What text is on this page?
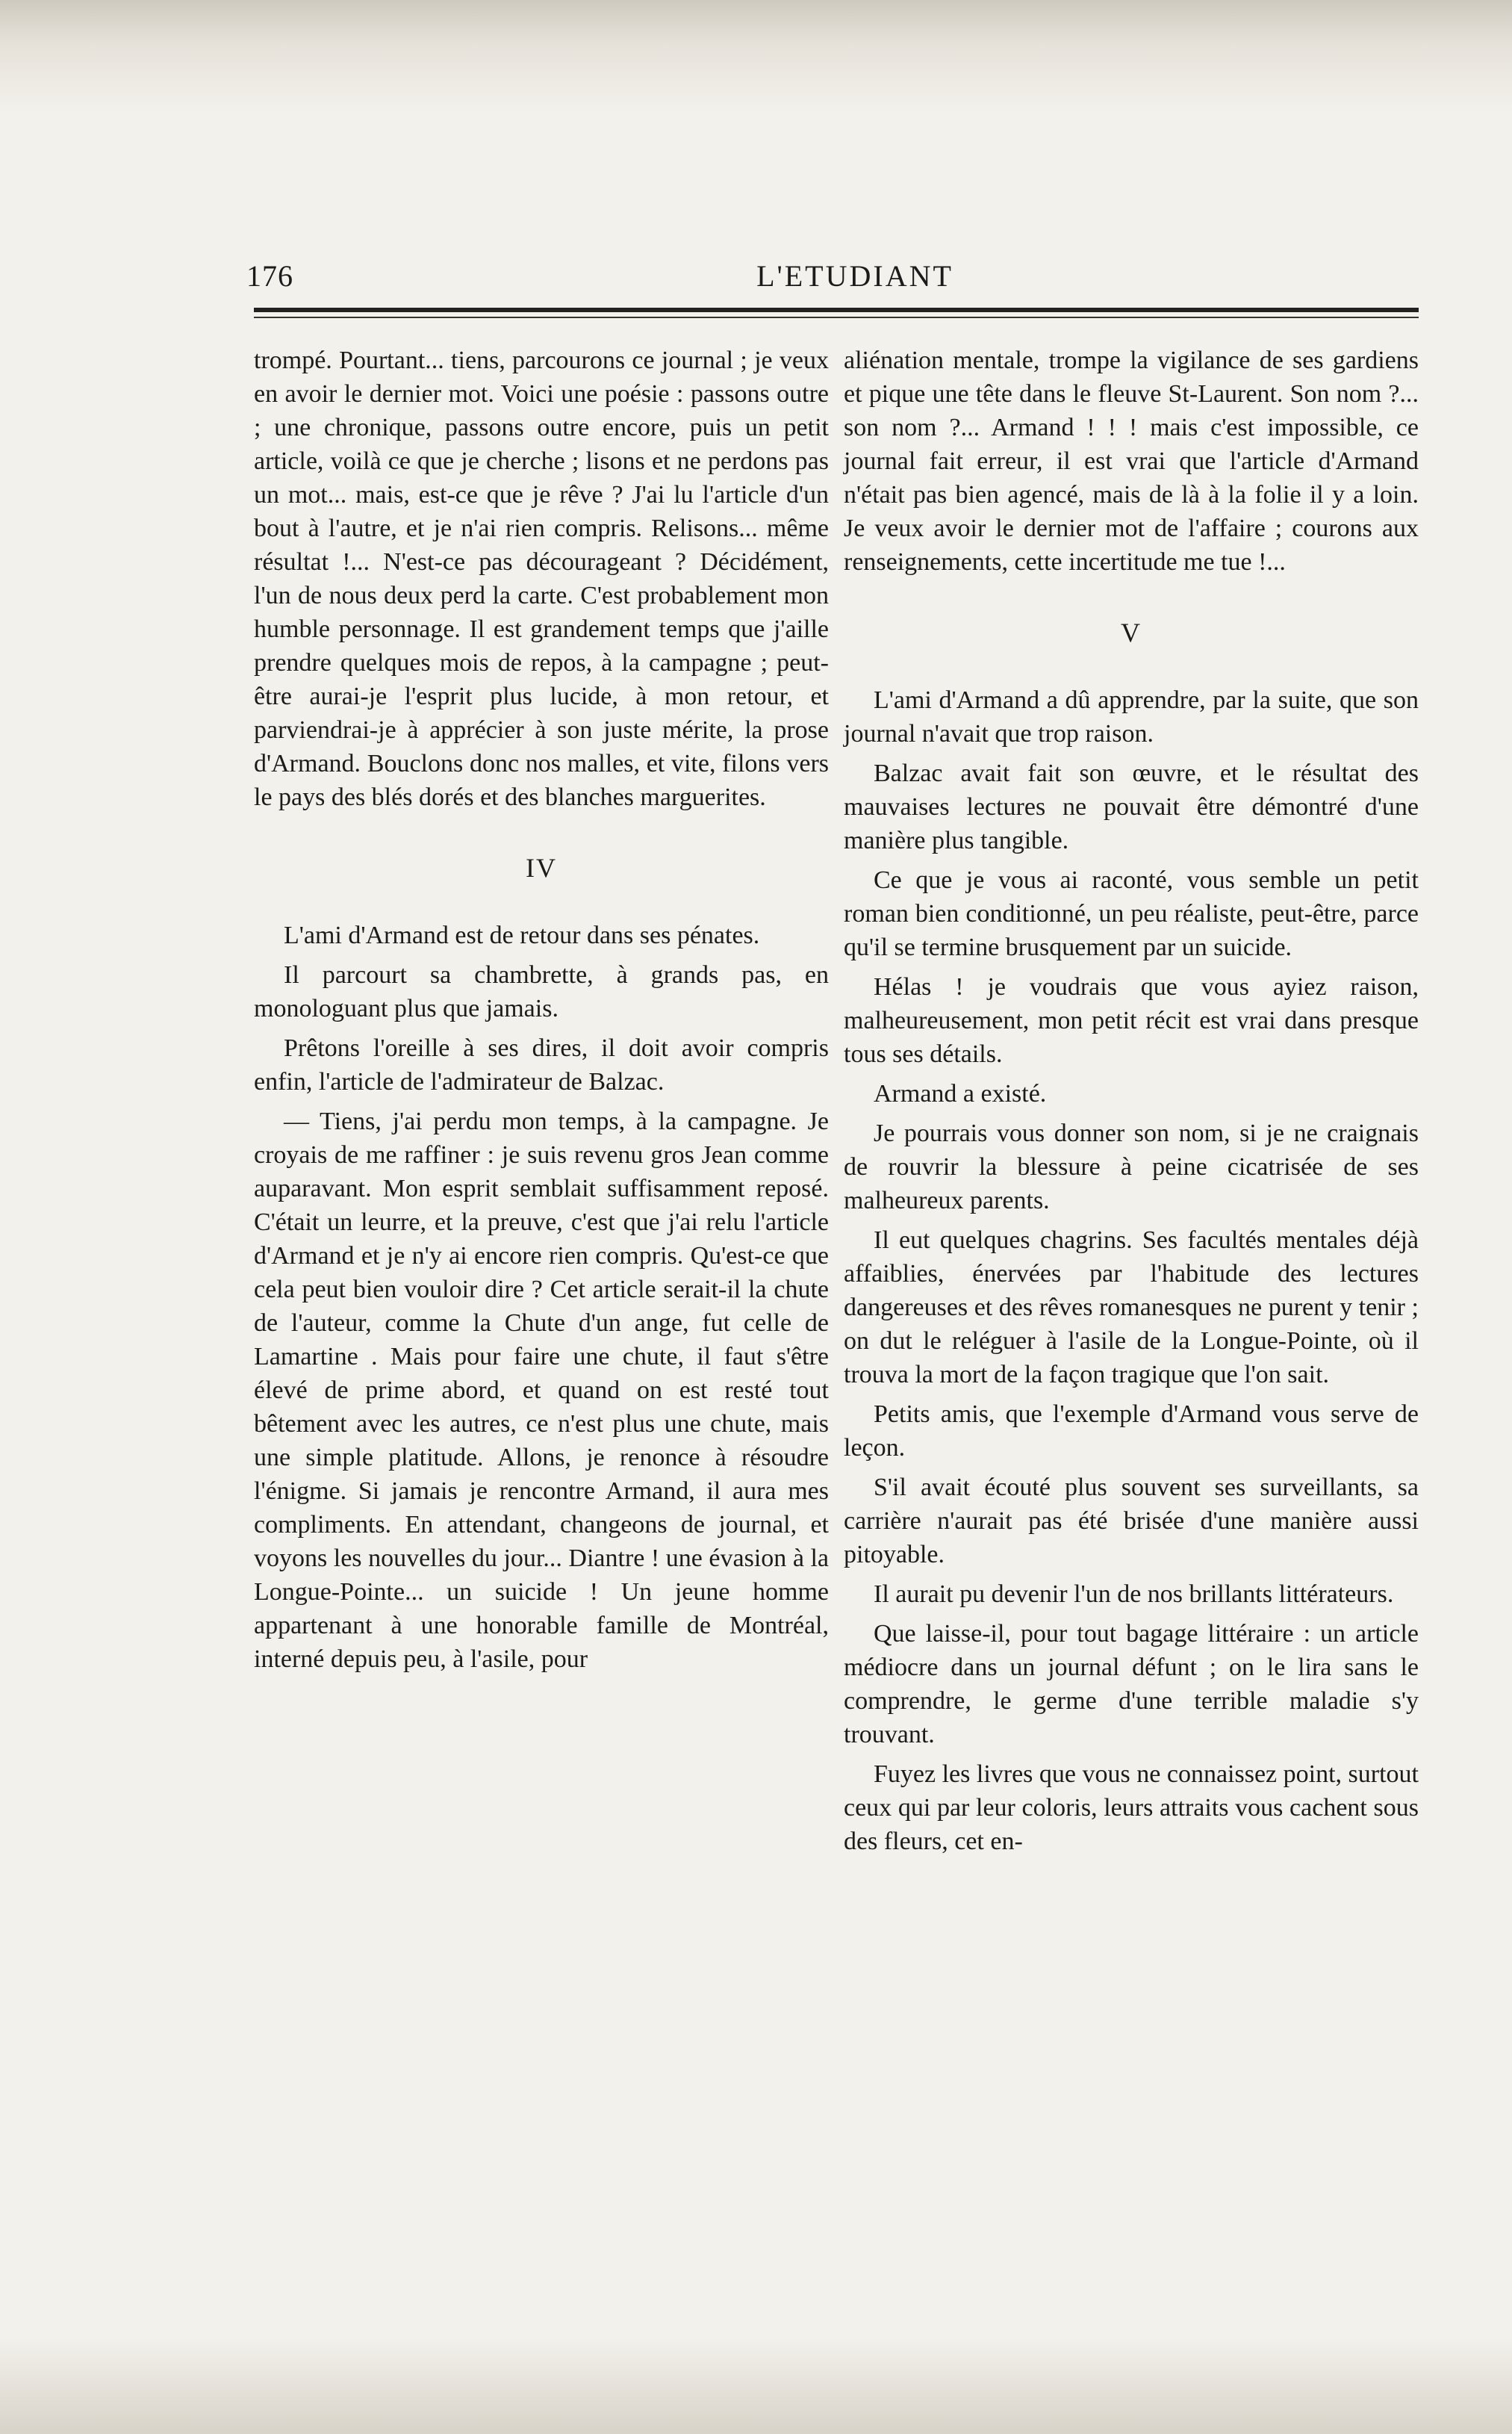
176	L'ETUDIANT

trompé. Pourtant... tiens, parcourons ce journal ; je veux en avoir le dernier mot. Voici une poésie : passons outre ; une chronique, passons outre encore, puis un petit article, voilà ce que je cherche ; lisons et ne perdons pas un mot... mais, est-ce que je rêve ? J'ai lu l'article d'un bout à l'autre, et je n'ai rien compris. Relisons... même résultat !... N'est-ce pas décourageant ? Décidément, l'un de nous deux perd la carte. C'est probablement mon humble personnage. Il est grandement temps que j'aille prendre quelques mois de repos, à la campagne ; peut-être aurai-je l'esprit plus lucide, à mon retour, et parviendrai-je à apprécier à son juste mérite, la prose d'Armand. Bouclons donc nos malles, et vite, filons vers le pays des blés dorés et des blanches marguerites.

IV

L'ami d'Armand est de retour dans ses pénates.

Il parcourt sa chambrette, à grands pas, en monologuant plus que jamais.

Prêtons l'oreille à ses dires, il doit avoir compris enfin, l'article de l'admirateur de Balzac.

— Tiens, j'ai perdu mon temps, à la campagne. Je croyais de me raffiner : je suis revenu gros Jean comme auparavant. Mon esprit semblait suffisamment reposé. C'était un leurre, et la preuve, c'est que j'ai relu l'article d'Armand et je n'y ai encore rien compris. Qu'est-ce que cela peut bien vouloir dire ? Cet article serait-il la chute de l'auteur, comme la Chute d'un ange, fut celle de Lamartine . Mais pour faire une chute, il faut s'être élevé de prime abord, et quand on est resté tout bêtement avec les autres, ce n'est plus une chute, mais une simple platitude. Allons, je renonce à résoudre l'énigme. Si jamais je rencontre Armand, il aura mes compliments. En attendant, changeons de journal, et voyons les nouvelles du jour... Diantre ! une évasion à la Longue-Pointe... un suicide ! Un jeune homme appartenant à une honorable famille de Montréal, interné depuis peu, à l'asile, pour

aliénation mentale, trompe la vigilance de ses gardiens et pique une tête dans le fleuve St-Laurent. Son nom ?... son nom ?... Armand ! ! ! mais c'est impossible, ce journal fait erreur, il est vrai que l'article d'Armand n'était pas bien agencé, mais de là à la folie il y a loin. Je veux avoir le dernier mot de l'affaire ; courons aux renseignements, cette incertitude me tue !...

V

L'ami d'Armand a dû apprendre, par la suite, que son journal n'avait que trop raison.

Balzac avait fait son œuvre, et le résultat des mauvaises lectures ne pouvait être démontré d'une manière plus tangible.

Ce que je vous ai raconté, vous semble un petit roman bien conditionné, un peu réaliste, peut-être, parce qu'il se termine brusquement par un suicide.

Hélas ! je voudrais que vous ayiez raison, malheureusement, mon petit récit est vrai dans presque tous ses détails.

Armand a existé.

Je pourrais vous donner son nom, si je ne craignais de rouvrir la blessure à peine cicatrisée de ses malheureux parents.

Il eut quelques chagrins. Ses facultés mentales déjà affaiblies, énervées par l'habitude des lectures dangereuses et des rêves romanesques ne purent y tenir ; on dut le reléguer à l'asile de la Longue-Pointe, où il trouva la mort de la façon tragique que l'on sait.

Petits amis, que l'exemple d'Armand vous serve de leçon.

S'il avait écouté plus souvent ses surveillants, sa carrière n'aurait pas été brisée d'une manière aussi pitoyable.

Il aurait pu devenir l'un de nos brillants littérateurs.

Que laisse-il, pour tout bagage littéraire : un article médiocre dans un journal défunt ; on le lira sans le comprendre, le germe d'une terrible maladie s'y trouvant.

Fuyez les livres que vous ne connaissez point, surtout ceux qui par leur coloris, leurs attraits vous cachent sous des fleurs, cet en-
